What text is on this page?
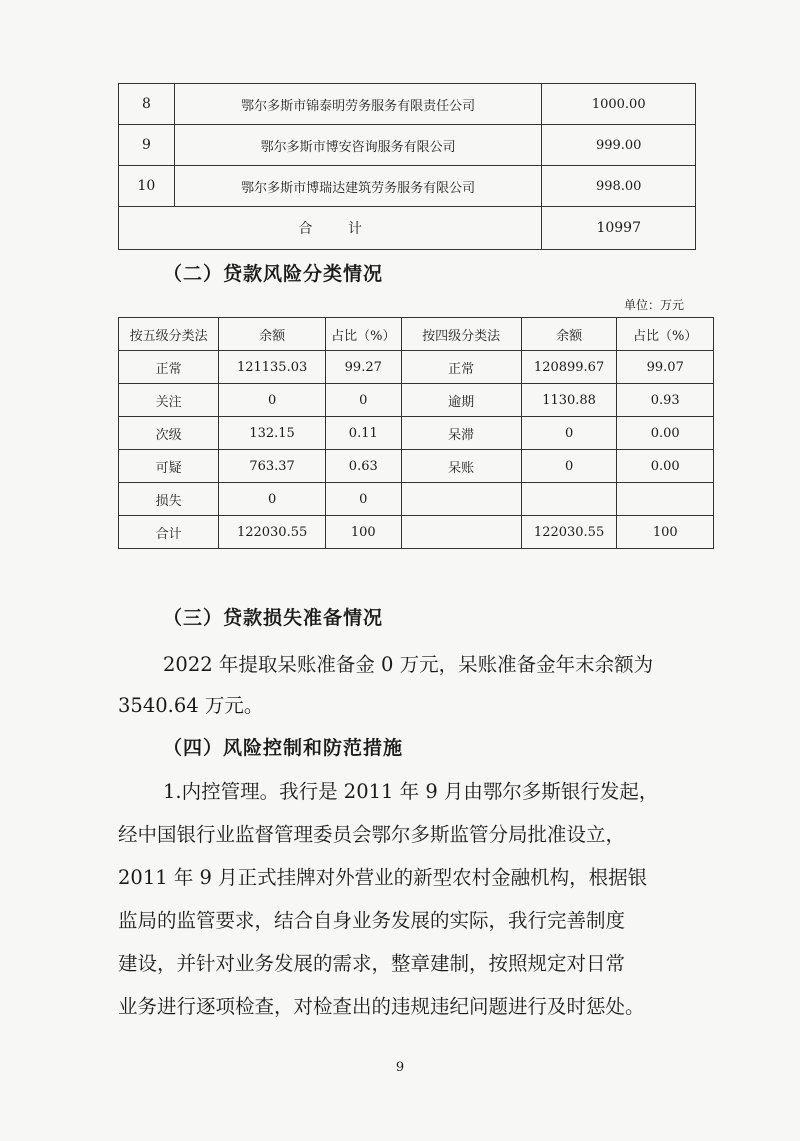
8	鄂尔多斯市锦泰明劳务服务有限责任公司	1000.00
9	鄂尔多斯市博安咨询服务有限公司	999.00
10	鄂尔多斯市博瑞达建筑劳务服务有限公司	998.00
合        计		10997
（二）贷款风险分类情况
单位：万元
按五级分类法	余额	占比（%）	按四级分类法	余额	占比（%）
正常	121135.03	99.27	正常	120899.67	99.07
关注	0	0	逾期	1130.88	0.93
次级	132.15	0.11	呆滞	0	0.00
可疑	763.37	0.63	呆账	0	0.00
损失	0	0			
合计	122030.55	100		122030.55	100
（三）贷款损失准备情况
2022 年提取呆账准备金 0 万元，呆账准备金年末余额为
3540.64 万元。
（四）风险控制和防范措施
1.内控管理。我行是 2011 年 9 月由鄂尔多斯银行发起，
经中国银行业监督管理委员会鄂尔多斯监管分局批准设立，
2011 年 9 月正式挂牌对外营业的新型农村金融机构，根据银
监局的监管要求，结合自身业务发展的实际，我行完善制度
建设，并针对业务发展的需求，整章建制，按照规定对日常
业务进行逐项检查，对检查出的违规违纪问题进行及时惩处。
9
